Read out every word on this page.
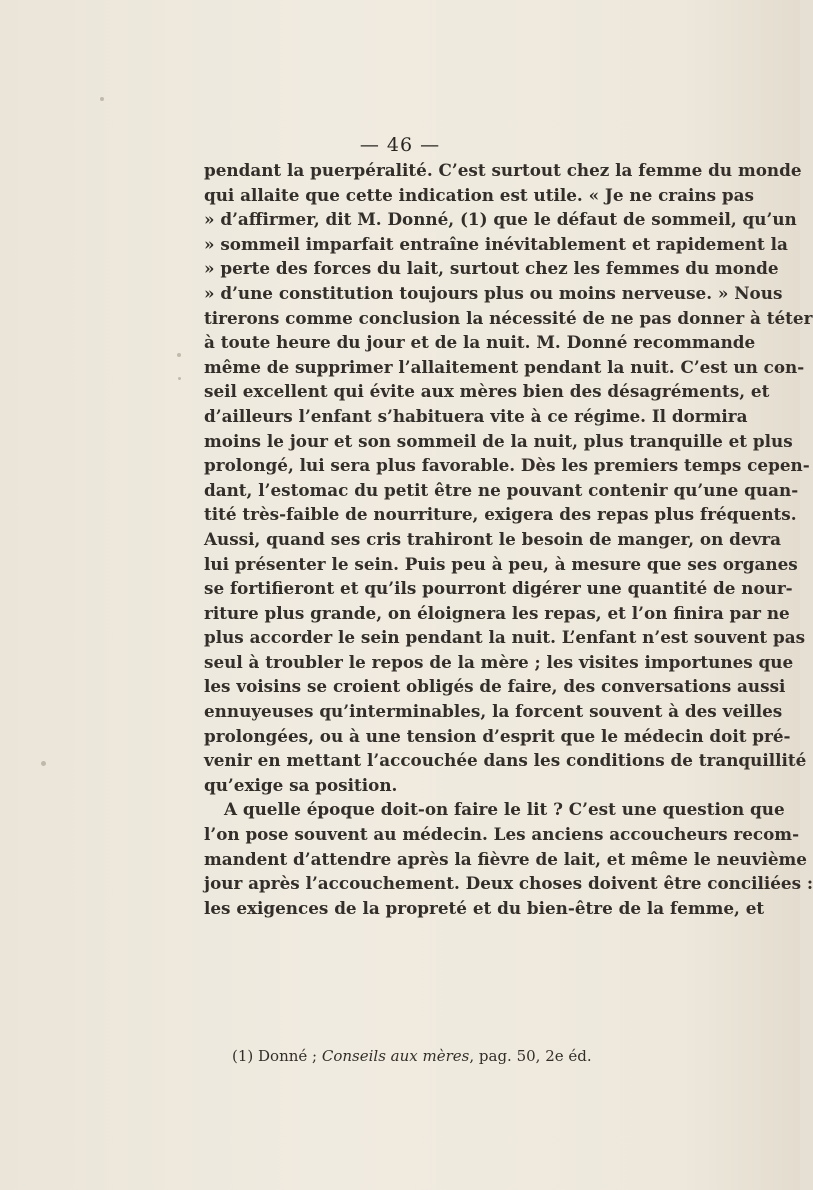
— 46 —
pendant la puerpéralité. C’est surtout chez la femme du monde
qui allaite que cette indication est utile. « Je ne crains pas
» d’affirmer, dit M. Donné, (1) que le défaut de sommeil, qu’un
» sommeil imparfait entraîne inévitablement et rapidement la
» perte des forces du lait, surtout chez les femmes du monde
» d’une constitution toujours plus ou moins nerveuse. » Nous
tirerons comme conclusion la nécessité de ne pas donner à téter
à toute heure du jour et de la nuit. M. Donné recommande
même de supprimer l’allaitement pendant la nuit. C’est un con-
seil excellent qui évite aux mères bien des désagréments, et
d’ailleurs l’enfant s’habituera vite à ce régime. Il dormira
moins le jour et son sommeil de la nuit, plus tranquille et plus
prolongé, lui sera plus favorable. Dès les premiers temps cepen-
dant, l’estomac du petit être ne pouvant contenir qu’une quan-
tité très-faible de nourriture, exigera des repas plus fréquents.
Aussi, quand ses cris trahiront le besoin de manger, on devra
lui présenter le sein. Puis peu à peu, à mesure que ses organes
se fortifieront et qu’ils pourront digérer une quantité de nour-
riture plus grande, on éloignera les repas, et l’on finira par ne
plus accorder le sein pendant la nuit. L’enfant n’est souvent pas
seul à troubler le repos de la mère ; les visites importunes que
les voisins se croient obligés de faire, des conversations aussi
ennuyeuses qu’interminables, la forcent souvent à des veilles
prolongées, ou à une tension d’esprit que le médecin doit pré-
venir en mettant l’accouchée dans les conditions de tranquillité
qu’exige sa position.
A quelle époque doit-on faire le lit ? C’est une question que
l’on pose souvent au médecin. Les anciens accoucheurs recom-
mandent d’attendre après la fièvre de lait, et même le neuvième
jour après l’accouchement. Deux choses doivent être conciliées :
les exigences de la propreté et du bien-être de la femme, et
(1) Donné ; Conseils aux mères, pag. 50, 2e éd.
